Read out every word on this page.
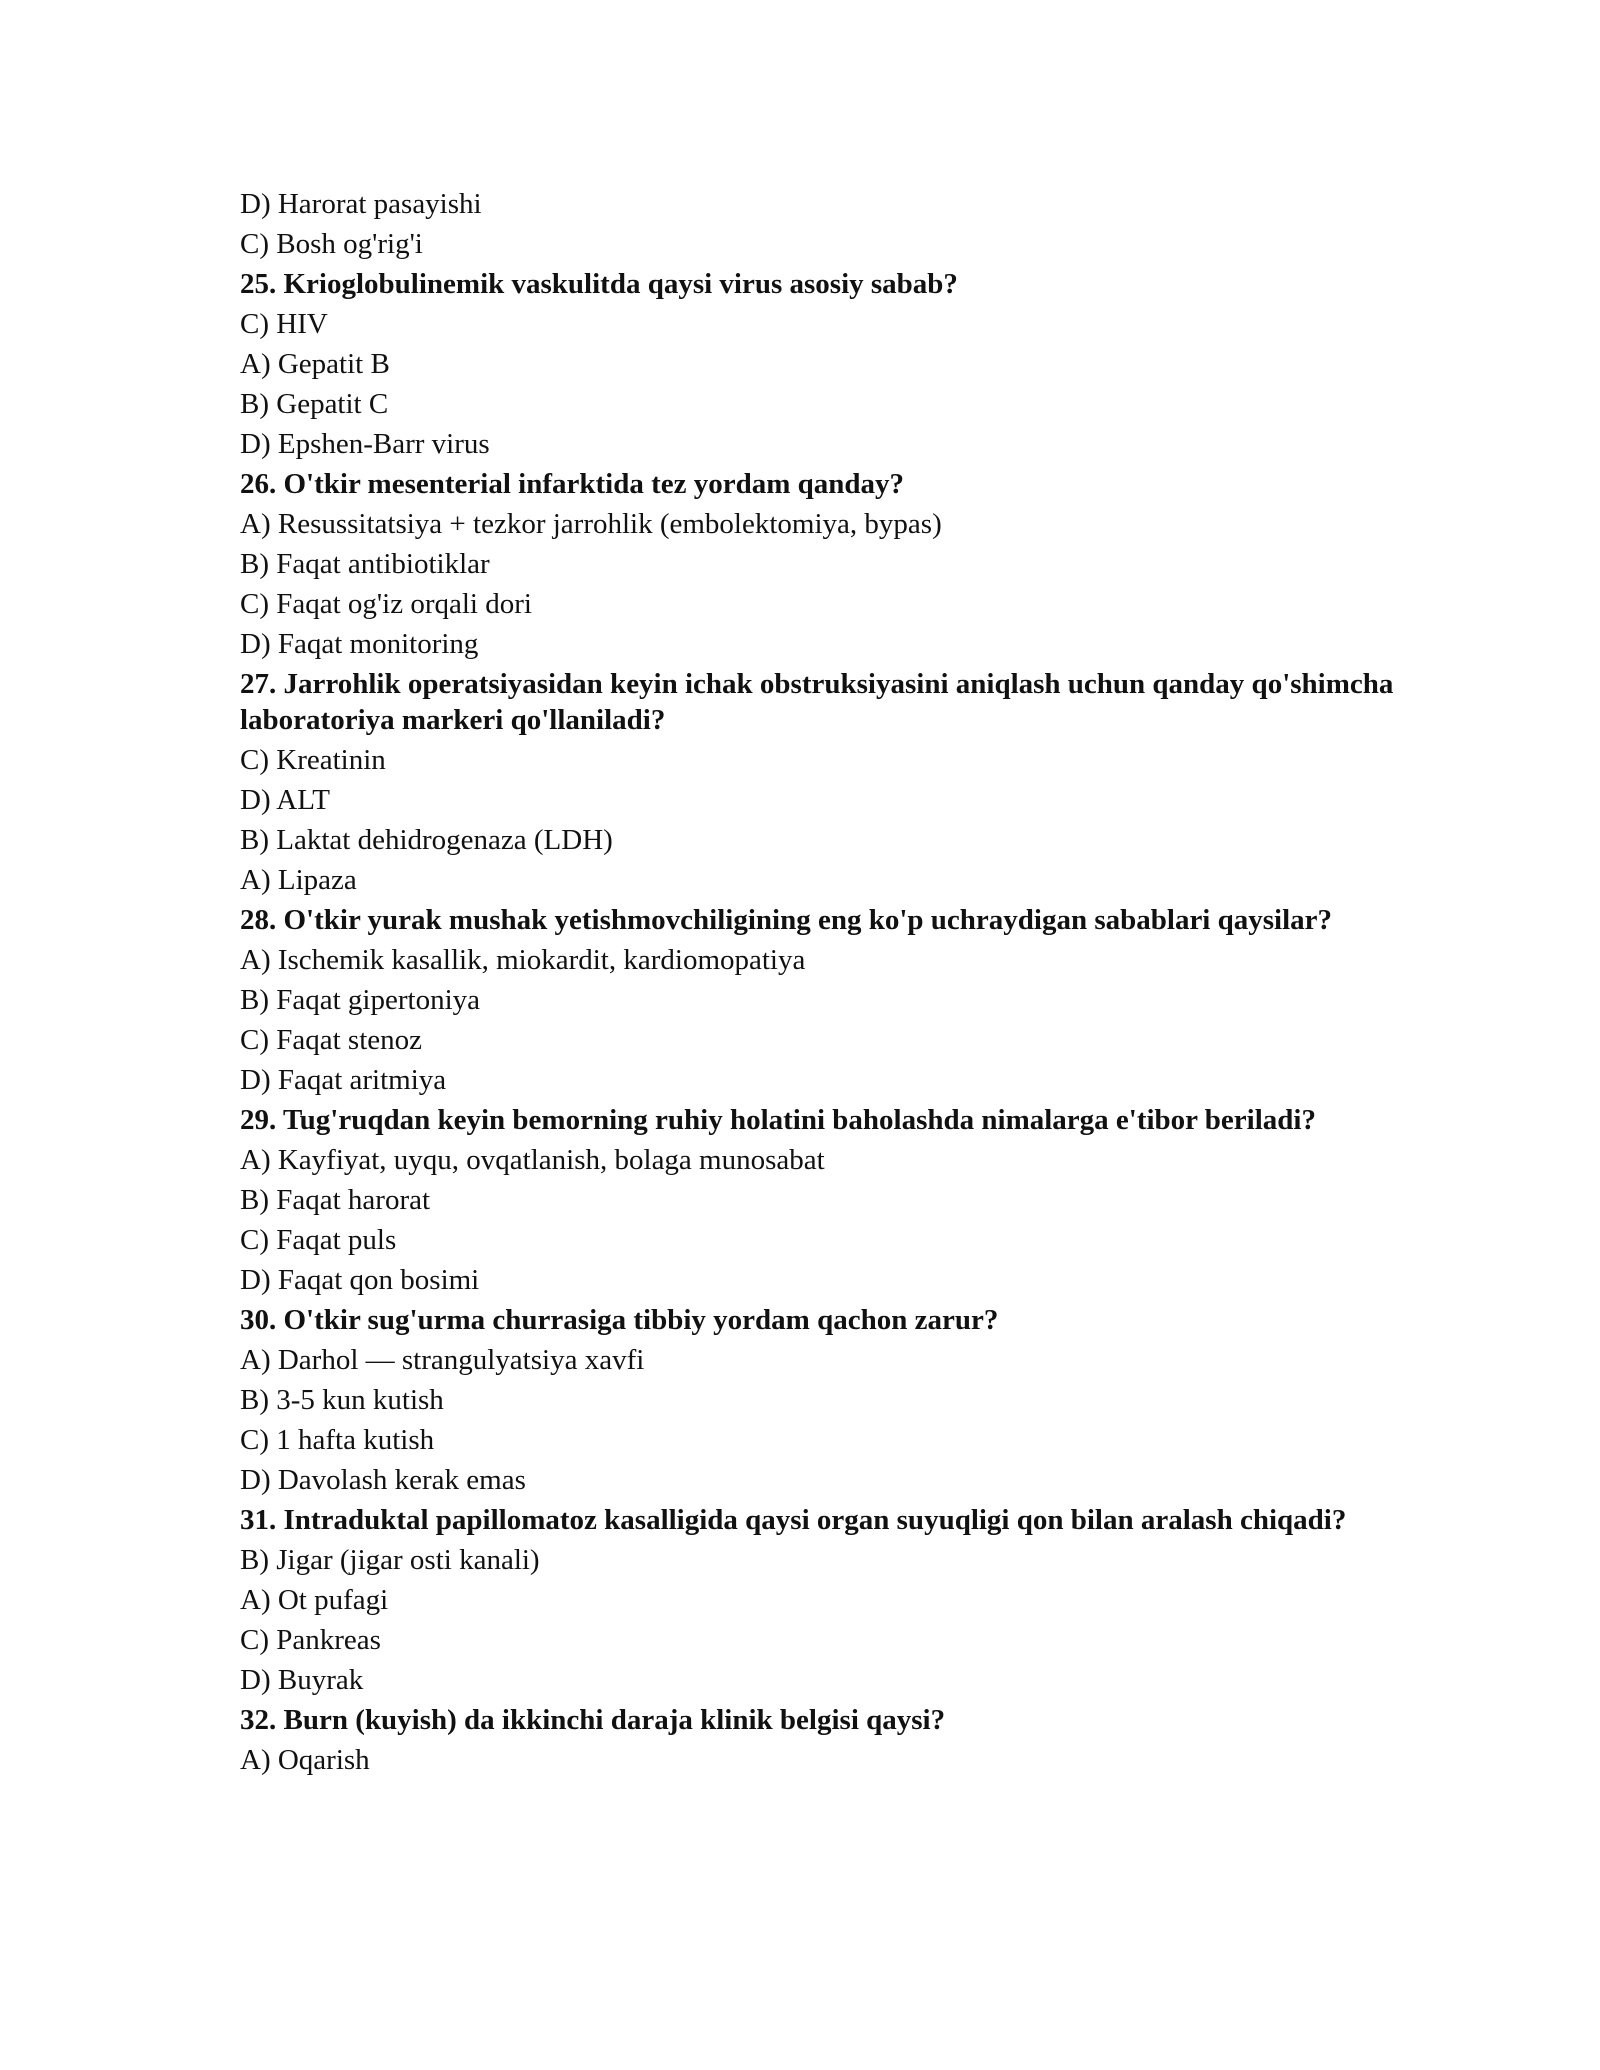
D) Harorat pasayishi
C) Bosh og'rig'i
25. Krioglobulinemik vaskulitda qaysi virus asosiy sabab?
C) HIV
A) Gepatit B
B) Gepatit C
D) Epshen-Barr virus
26. O'tkir mesenterial infarktida tez yordam qanday?
A) Resussitatsiya + tezkor jarrohlik (embolektomiya, bypas)
B) Faqat antibiotiklar
C) Faqat og'iz orqali dori
D) Faqat monitoring
27. Jarrohlik operatsiyasidan keyin ichak obstruksiyasini aniqlash uchun qanday qo'shimcha laboratoriya markeri qo'llaniladi?
C) Kreatinin
D) ALT
B) Laktat dehidrogenaza (LDH)
A) Lipaza
28. O'tkir yurak mushak yetishmovchiligining eng ko'p uchraydigan sabablari qaysilar?
A) Ischemik kasallik, miokardit, kardiomopatiya
B) Faqat gipertoniya
C) Faqat stenoz
D) Faqat aritmiya
29. Tug'ruqdan keyin bemorning ruhiy holatini baholashda nimalarga e'tibor beriladi?
A) Kayfiyat, uyqu, ovqatlanish, bolaga munosabat
B) Faqat harorat
C) Faqat puls
D) Faqat qon bosimi
30. O'tkir sug'urma churrasiga tibbiy yordam qachon zarur?
A) Darhol — strangulyatsiya xavfi
B) 3-5 kun kutish
C) 1 hafta kutish
D) Davolash kerak emas
31. Intraduktal papillomatoz kasalligida qaysi organ suyuqligi qon bilan aralash chiqadi?
B) Jigar (jigar osti kanali)
A) Ot pufagi
C) Pankreas
D) Buyrak
32. Burn (kuyish) da ikkinchi daraja klinik belgisi qaysi?
A) Oqarish
